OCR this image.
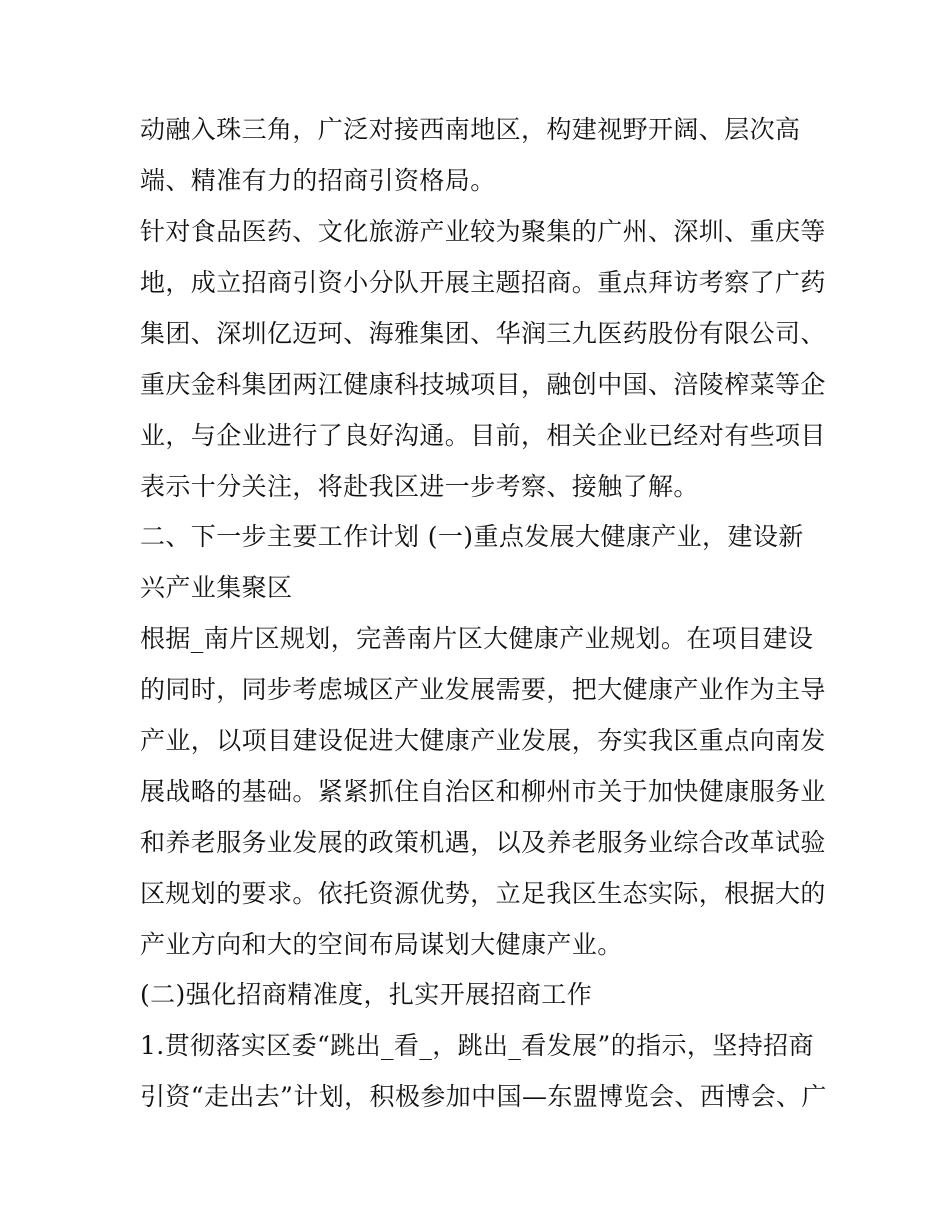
动融入珠三角，广泛对接西南地区，构建视野开阔、层次高
端、精准有力的招商引资格局。
针对食品医药、文化旅游产业较为聚集的广州、深圳、重庆等
地，成立招商引资小分队开展主题招商。重点拜访考察了广药
集团、深圳亿迈珂、海雅集团、华润三九医药股份有限公司、
重庆金科集团两江健康科技城项目，融创中国、涪陵榨菜等企
业，与企业进行了良好沟通。目前，相关企业已经对有些项目
表示十分关注，将赴我区进一步考察、接触了解。
二、下一步主要工作计划 (一)重点发展大健康产业，建设新
兴产业集聚区
根据_南片区规划，完善南片区大健康产业规划。在项目建设
的同时，同步考虑城区产业发展需要，把大健康产业作为主导
产业，以项目建设促进大健康产业发展，夯实我区重点向南发
展战略的基础。紧紧抓住自治区和柳州市关于加快健康服务业
和养老服务业发展的政策机遇，以及养老服务业综合改革试验
区规划的要求。依托资源优势，立足我区生态实际，根据大的
产业方向和大的空间布局谋划大健康产业。
(二)强化招商精准度，扎实开展招商工作
1.贯彻落实区委“跳出_看_，跳出_看发展”的指示，坚持招商
引资“走出去”计划，积极参加中国—东盟博览会、西博会、广
